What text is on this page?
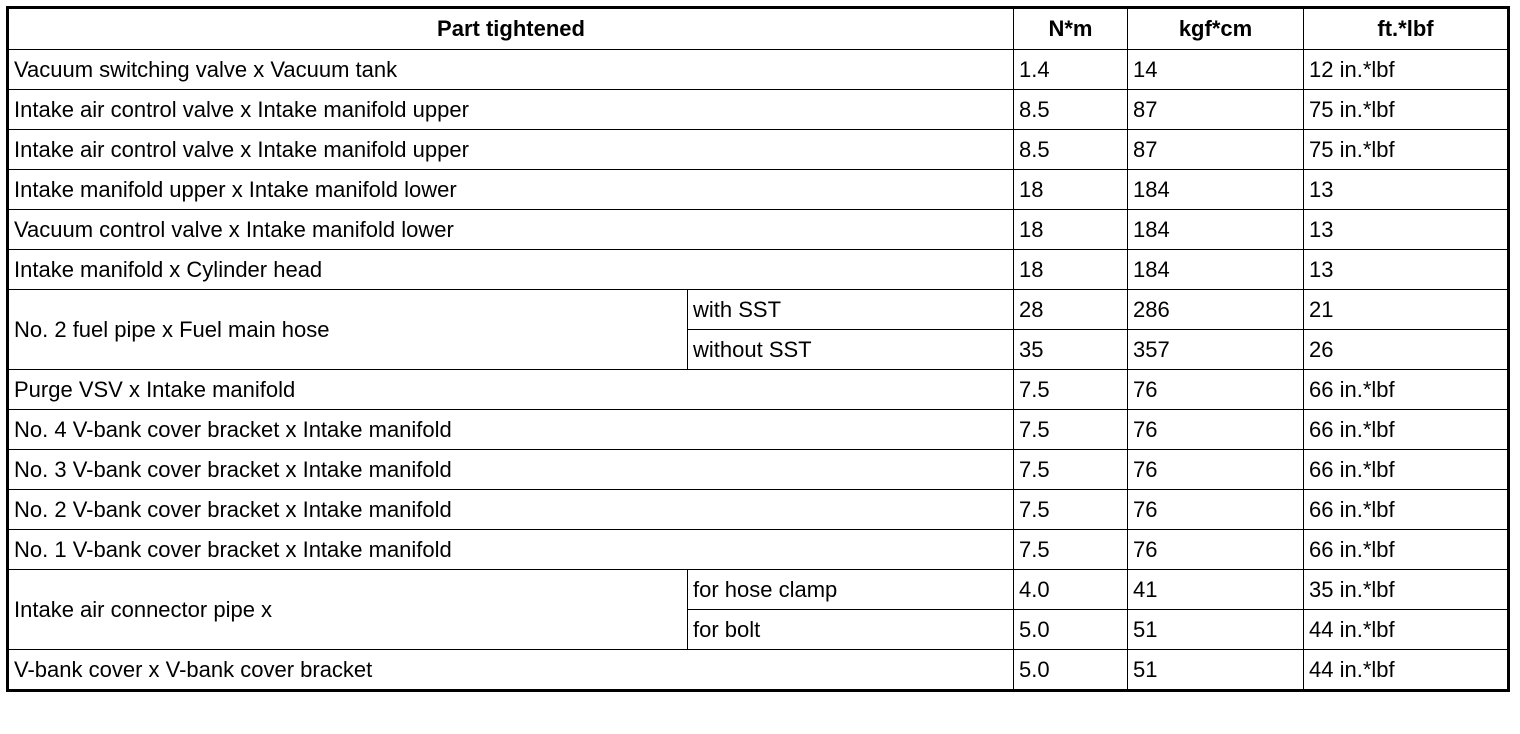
Part tightened		N*m	kgf*cm	ft.*lbf
Vacuum switching valve x Vacuum tank		1.4	14	12 in.*lbf
Intake air control valve x Intake manifold upper		8.5	87	75 in.*lbf
Intake air control valve x Intake manifold upper		8.5	87	75 in.*lbf
Intake manifold upper x Intake manifold lower		18	184	13
Vacuum control valve x Intake manifold lower		18	184	13
Intake manifold x Cylinder head		18	184	13
No. 2 fuel pipe x Fuel main hose	with SST	28	286	21
	without SST	35	357	26
Purge VSV x Intake manifold		7.5	76	66 in.*lbf
No. 4 V-bank cover bracket x Intake manifold		7.5	76	66 in.*lbf
No. 3 V-bank cover bracket x Intake manifold		7.5	76	66 in.*lbf
No. 2 V-bank cover bracket x Intake manifold		7.5	76	66 in.*lbf
No. 1 V-bank cover bracket x Intake manifold		7.5	76	66 in.*lbf
Intake air connector pipe x	for hose clamp	4.0	41	35 in.*lbf
	for bolt	5.0	51	44 in.*lbf
V-bank cover x V-bank cover bracket		5.0	51	44 in.*lbf
